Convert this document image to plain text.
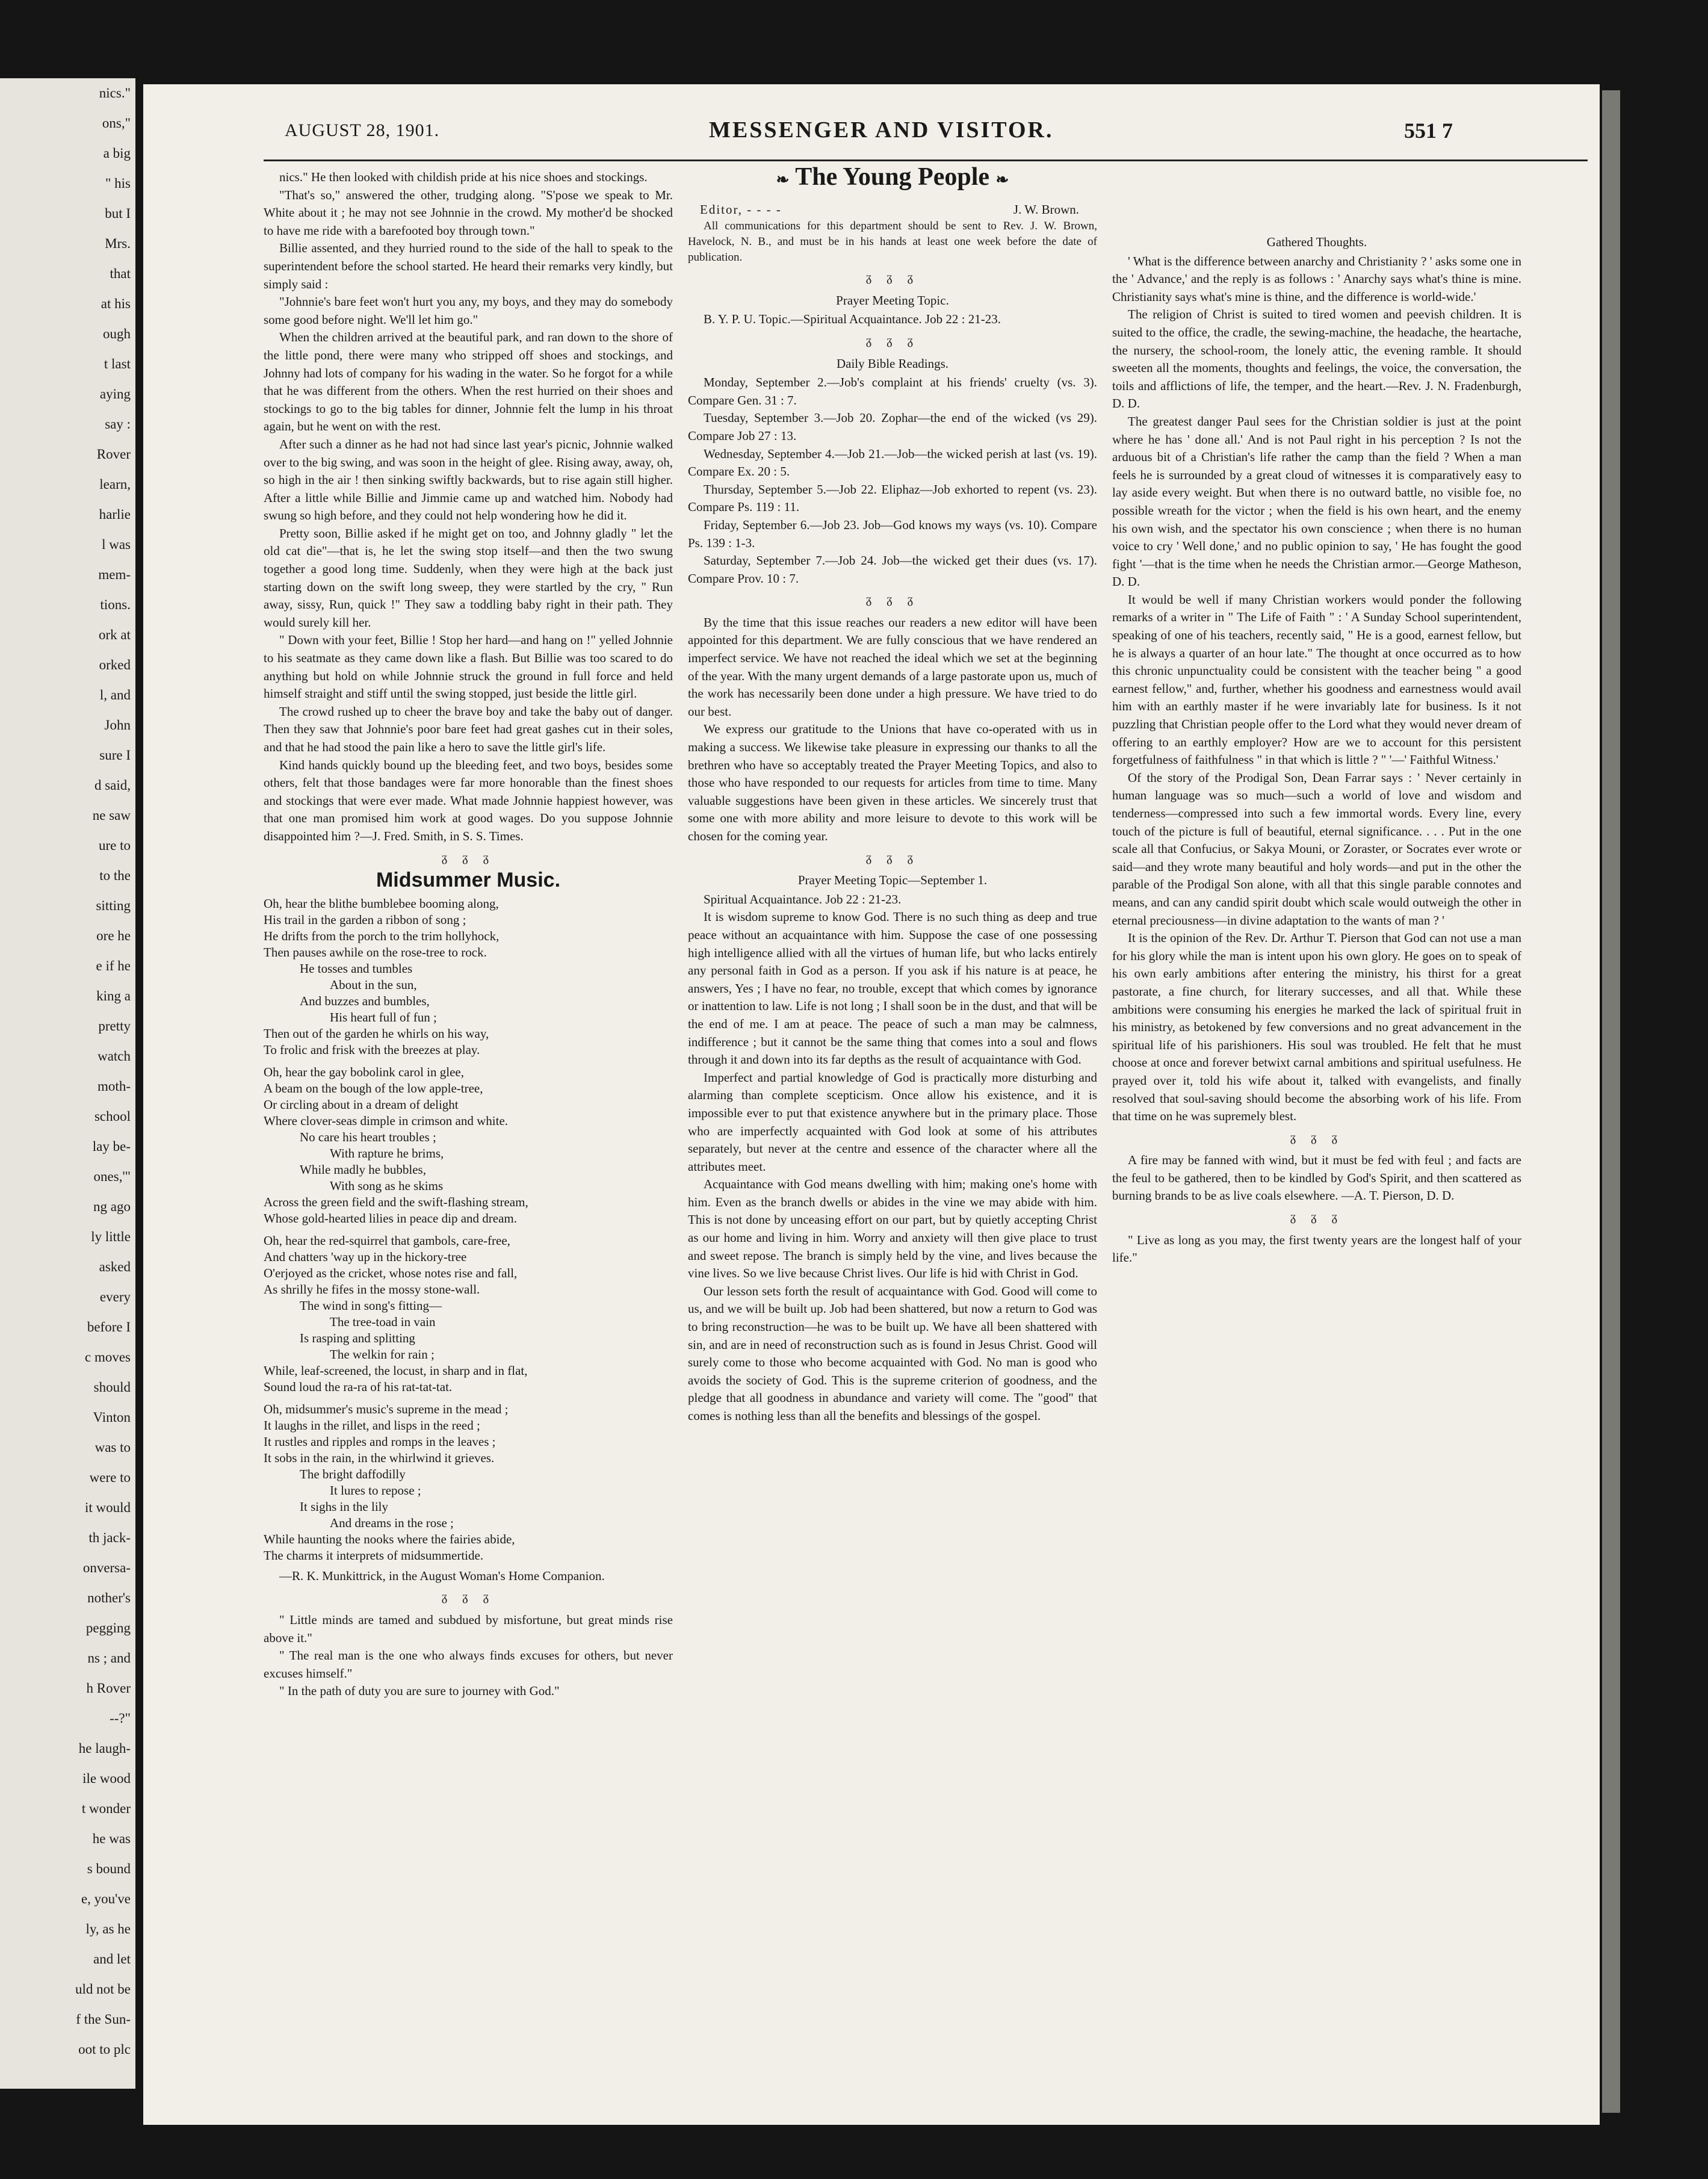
nics."
ons,"
a big
" his
but I
Mrs.
that
at his
ough
t last
aying
say :
Rover
learn,
harlie
l was
mem-
tions.
ork at
orked
l, and
John
sure I
d said,
ne saw
ure to
to the
sitting
ore he
e if he
king a
pretty
watch
moth-
school
lay be-
ones,'"
ng ago
ly little
asked
every
before I
c moves
should
Vinton
was to
were to
it would
th jack-
onversa-
nother's
pegging
ns ; and
h Rover
--?"
he laugh-
ile wood
t wonder
he was
s bound
e, you've
ly, as he
and let
uld not be
f the Sun-
oot to plc
AUGUST 28, 1901.	MESSENGER AND VISITOR.	551 7

nics." He then looked with childish pride at his nice shoes and stockings.

"That's so," answered the other, trudging along. "S'pose we speak to Mr. White about it ; he may not see Johnnie in the crowd. My mother'd be shocked to have me ride with a barefooted boy through town."

Billie assented, and they hurried round to the side of the hall to speak to the superintendent before the school started. He heard their remarks very kindly, but simply said :

"Johnnie's bare feet won't hurt you any, my boys, and they may do somebody some good before night. We'll let him go."

When the children arrived at the beautiful park, and ran down to the shore of the little pond, there were many who stripped off shoes and stockings, and Johnny had lots of company for his wading in the water. So he forgot for a while that he was different from the others. When the rest hurried on their shoes and stockings to go to the big tables for dinner, Johnnie felt the lump in his throat again, but he went on with the rest.

After such a dinner as he had not had since last year's picnic, Johnnie walked over to the big swing, and was soon in the height of glee. Rising away, away, oh, so high in the air ! then sinking swiftly backwards, but to rise again still higher. After a little while Billie and Jimmie came up and watched him. Nobody had swung so high before, and they could not help wondering how he did it.

Pretty soon, Billie asked if he might get on too, and Johnny gladly " let the old cat die"—that is, he let the swing stop itself—and then the two swung together a good long time. Suddenly, when they were high at the back just starting down on the swift long sweep, they were startled by the cry, " Run away, sissy, Run, quick !" They saw a toddling baby right in their path. They would surely kill her.

" Down with your feet, Billie ! Stop her hard—and hang on !" yelled Johnnie to his seatmate as they came down like a flash. But Billie was too scared to do anything but hold on while Johnnie struck the ground in full force and held himself straight and stiff until the swing stopped, just beside the little girl.

The crowd rushed up to cheer the brave boy and take the baby out of danger. Then they saw that Johnnie's poor bare feet had great gashes cut in their soles, and that he had stood the pain like a hero to save the little girl's life.

Kind hands quickly bound up the bleeding feet, and two boys, besides some others, felt that those bandages were far more honorable than the finest shoes and stockings that were ever made. What made Johnnie happiest however, was that one man promised him work at good wages. Do you suppose Johnnie disappointed him ?—J. Fred. Smith, in S. S. Times.

ᵹ ᵹ ᵹ
Midsummer Music.
Oh, hear the blithe bumblebee booming along,
His trail in the garden a ribbon of song ;
He drifts from the porch to the trim hollyhock,
Then pauses awhile on the rose-tree to rock.
He tosses and tumbles
About in the sun,
And buzzes and bumbles,
His heart full of fun ;
Then out of the garden he whirls on his way,
To frolic and frisk with the breezes at play.
Oh, hear the gay bobolink carol in glee,
A beam on the bough of the low apple-tree,
Or circling about in a dream of delight
Where clover-seas dimple in crimson and white.
No care his heart troubles ;
With rapture he brims,
While madly he bubbles,
With song as he skims
Across the green field and the swift-flashing stream,
Whose gold-hearted lilies in peace dip and dream.
Oh, hear the red-squirrel that gambols, care-free,
And chatters 'way up in the hickory-tree
O'erjoyed as the cricket, whose notes rise and fall,
As shrilly he fifes in the mossy stone-wall.
The wind in song's fitting—
The tree-toad in vain
Is rasping and splitting
The welkin for rain ;
While, leaf-screened, the locust, in sharp and in flat,
Sound loud the ra-ra of his rat-tat-tat.
Oh, midsummer's music's supreme in the mead ;
It laughs in the rillet, and lisps in the reed ;
It rustles and ripples and romps in the leaves ;
It sobs in the rain, in the whirlwind it grieves.
The bright daffodilly
It lures to repose ;
It sighs in the lily
And dreams in the rose ;
While haunting the nooks where the fairies abide,
The charms it interprets of midsummertide.

—R. K. Munkittrick, in the August Woman's Home Companion.

ᵹ ᵹ ᵹ

" Little minds are tamed and subdued by misfortune, but great minds rise above it."

" The real man is the one who always finds excuses for others, but never excuses himself."

" In the path of duty you are sure to journey with God."

❧ The Young People ❧
Editor, - - - -	J. W. Brown.

All communications for this department should be sent to Rev. J. W. Brown, Havelock, N. B., and must be in his hands at least one week before the date of publication.

ᵹ ᵹ ᵹ
Prayer Meeting Topic.

B. Y. P. U. Topic.—Spiritual Acquaintance. Job 22 : 21-23.

ᵹ ᵹ ᵹ
Daily Bible Readings.

Monday, September 2.—Job's complaint at his friends' cruelty (vs. 3). Compare Gen. 31 : 7.

Tuesday, September 3.—Job 20. Zophar—the end of the wicked (vs 29). Compare Job 27 : 13.

Wednesday, September 4.—Job 21.—Job—the wicked perish at last (vs. 19). Compare Ex. 20 : 5.

Thursday, September 5.—Job 22. Eliphaz—Job exhorted to repent (vs. 23). Compare Ps. 119 : 11.

Friday, September 6.—Job 23. Job—God knows my ways (vs. 10). Compare Ps. 139 : 1-3.

Saturday, September 7.—Job 24. Job—the wicked get their dues (vs. 17). Compare Prov. 10 : 7.

ᵹ ᵹ ᵹ

By the time that this issue reaches our readers a new editor will have been appointed for this department. We are fully conscious that we have rendered an imperfect service. We have not reached the ideal which we set at the beginning of the year. With the many urgent demands of a large pastorate upon us, much of the work has necessarily been done under a high pressure. We have tried to do our best.

We express our gratitude to the Unions that have co-operated with us in making a success. We likewise take pleasure in expressing our thanks to all the brethren who have so acceptably treated the Prayer Meeting Topics, and also to those who have responded to our requests for articles from time to time. Many valuable suggestions have been given in these articles. We sincerely trust that some one with more ability and more leisure to devote to this work will be chosen for the coming year.

ᵹ ᵹ ᵹ
Prayer Meeting Topic—September 1.

Spiritual Acquaintance. Job 22 : 21-23.

It is wisdom supreme to know God. There is no such thing as deep and true peace without an acquaintance with him. Suppose the case of one possessing high intelligence allied with all the virtues of human life, but who lacks entirely any personal faith in God as a person. If you ask if his nature is at peace, he answers, Yes ; I have no fear, no trouble, except that which comes by ignorance or inattention to law. Life is not long ; I shall soon be in the dust, and that will be the end of me. I am at peace. The peace of such a man may be calmness, indifference ; but it cannot be the same thing that comes into a soul and flows through it and down into its far depths as the result of acquaintance with God.

Imperfect and partial knowledge of God is practically more disturbing and alarming than complete scepticism. Once allow his existence, and it is impossible ever to put that existence anywhere but in the primary place. Those who are imperfectly acquainted with God look at some of his attributes separately, but never at the centre and essence of the character where all the attributes meet.

Acquaintance with God means dwelling with him; making one's home with him. Even as the branch dwells or abides in the vine we may abide with him. This is not done by unceasing effort on our part, but by quietly accepting Christ as our home and living in him. Worry and anxiety will then give place to trust and sweet repose. The branch is simply held by the vine, and lives because the vine lives. So we live because Christ lives. Our life is hid with Christ in God.

Our lesson sets forth the result of acquaintance with God. Good will come to us, and we will be built up. Job had been shattered, but now a return to God was to bring reconstruction—he was to be built up. We have all been shattered with sin, and are in need of reconstruction such as is found in Jesus Christ. Good will surely come to those who become acquainted with God. No man is good who avoids the society of God. This is the supreme criterion of goodness, and the pledge that all goodness in abundance and variety will come. The "good" that comes is nothing less than all the benefits and blessings of the gospel.

Gathered Thoughts.

' What is the difference between anarchy and Christianity ? ' asks some one in the ' Advance,' and the reply is as follows : ' Anarchy says what's thine is mine. Christianity says what's mine is thine, and the difference is world-wide.'

The religion of Christ is suited to tired women and peevish children. It is suited to the office, the cradle, the sewing-machine, the headache, the heartache, the nursery, the school-room, the lonely attic, the evening ramble. It should sweeten all the moments, thoughts and feelings, the voice, the conversation, the toils and afflictions of life, the temper, and the heart.—Rev. J. N. Fradenburgh, D. D.

The greatest danger Paul sees for the Christian soldier is just at the point where he has ' done all.' And is not Paul right in his perception ? Is not the arduous bit of a Christian's life rather the camp than the field ? When a man feels he is surrounded by a great cloud of witnesses it is comparatively easy to lay aside every weight. But when there is no outward battle, no visible foe, no possible wreath for the victor ; when the field is his own heart, and the enemy his own wish, and the spectator his own conscience ; when there is no human voice to cry ' Well done,' and no public opinion to say, ' He has fought the good fight '—that is the time when he needs the Christian armor.—George Matheson, D. D.

It would be well if many Christian workers would ponder the following remarks of a writer in " The Life of Faith " : ' A Sunday School superintendent, speaking of one of his teachers, recently said, " He is a good, earnest fellow, but he is always a quarter of an hour late." The thought at once occurred as to how this chronic unpunctuality could be consistent with the teacher being " a good earnest fellow," and, further, whether his goodness and earnestness would avail him with an earthly master if he were invariably late for business. Is it not puzzling that Christian people offer to the Lord what they would never dream of offering to an earthly employer? How are we to account for this persistent forgetfulness of faithfulness " in that which is little ? " '—' Faithful Witness.'

Of the story of the Prodigal Son, Dean Farrar says : ' Never certainly in human language was so much—such a world of love and wisdom and tenderness—compressed into such a few immortal words. Every line, every touch of the picture is full of beautiful, eternal significance. . . . Put in the one scale all that Confucius, or Sakya Mouni, or Zoraster, or Socrates ever wrote or said—and they wrote many beautiful and holy words—and put in the other the parable of the Prodigal Son alone, with all that this single parable connotes and means, and can any candid spirit doubt which scale would outweigh the other in eternal preciousness—in divine adaptation to the wants of man ? '

It is the opinion of the Rev. Dr. Arthur T. Pierson that God can not use a man for his glory while the man is intent upon his own glory. He goes on to speak of his own early ambitions after entering the ministry, his thirst for a great pastorate, a fine church, for literary successes, and all that. While these ambitions were consuming his energies he marked the lack of spiritual fruit in his ministry, as betokened by few conversions and no great advancement in the spiritual life of his parishioners. His soul was troubled. He felt that he must choose at once and forever betwixt carnal ambitions and spiritual usefulness. He prayed over it, told his wife about it, talked with evangelists, and finally resolved that soul-saving should become the absorbing work of his life. From that time on he was supremely blest.

ᵹ ᵹ ᵹ

A fire may be fanned with wind, but it must be fed with feul ; and facts are the feul to be gathered, then to be kindled by God's Spirit, and then scattered as burning brands to be as live coals elsewhere. —A. T. Pierson, D. D.

ᵹ ᵹ ᵹ

" Live as long as you may, the first twenty years are the longest half of your life."
